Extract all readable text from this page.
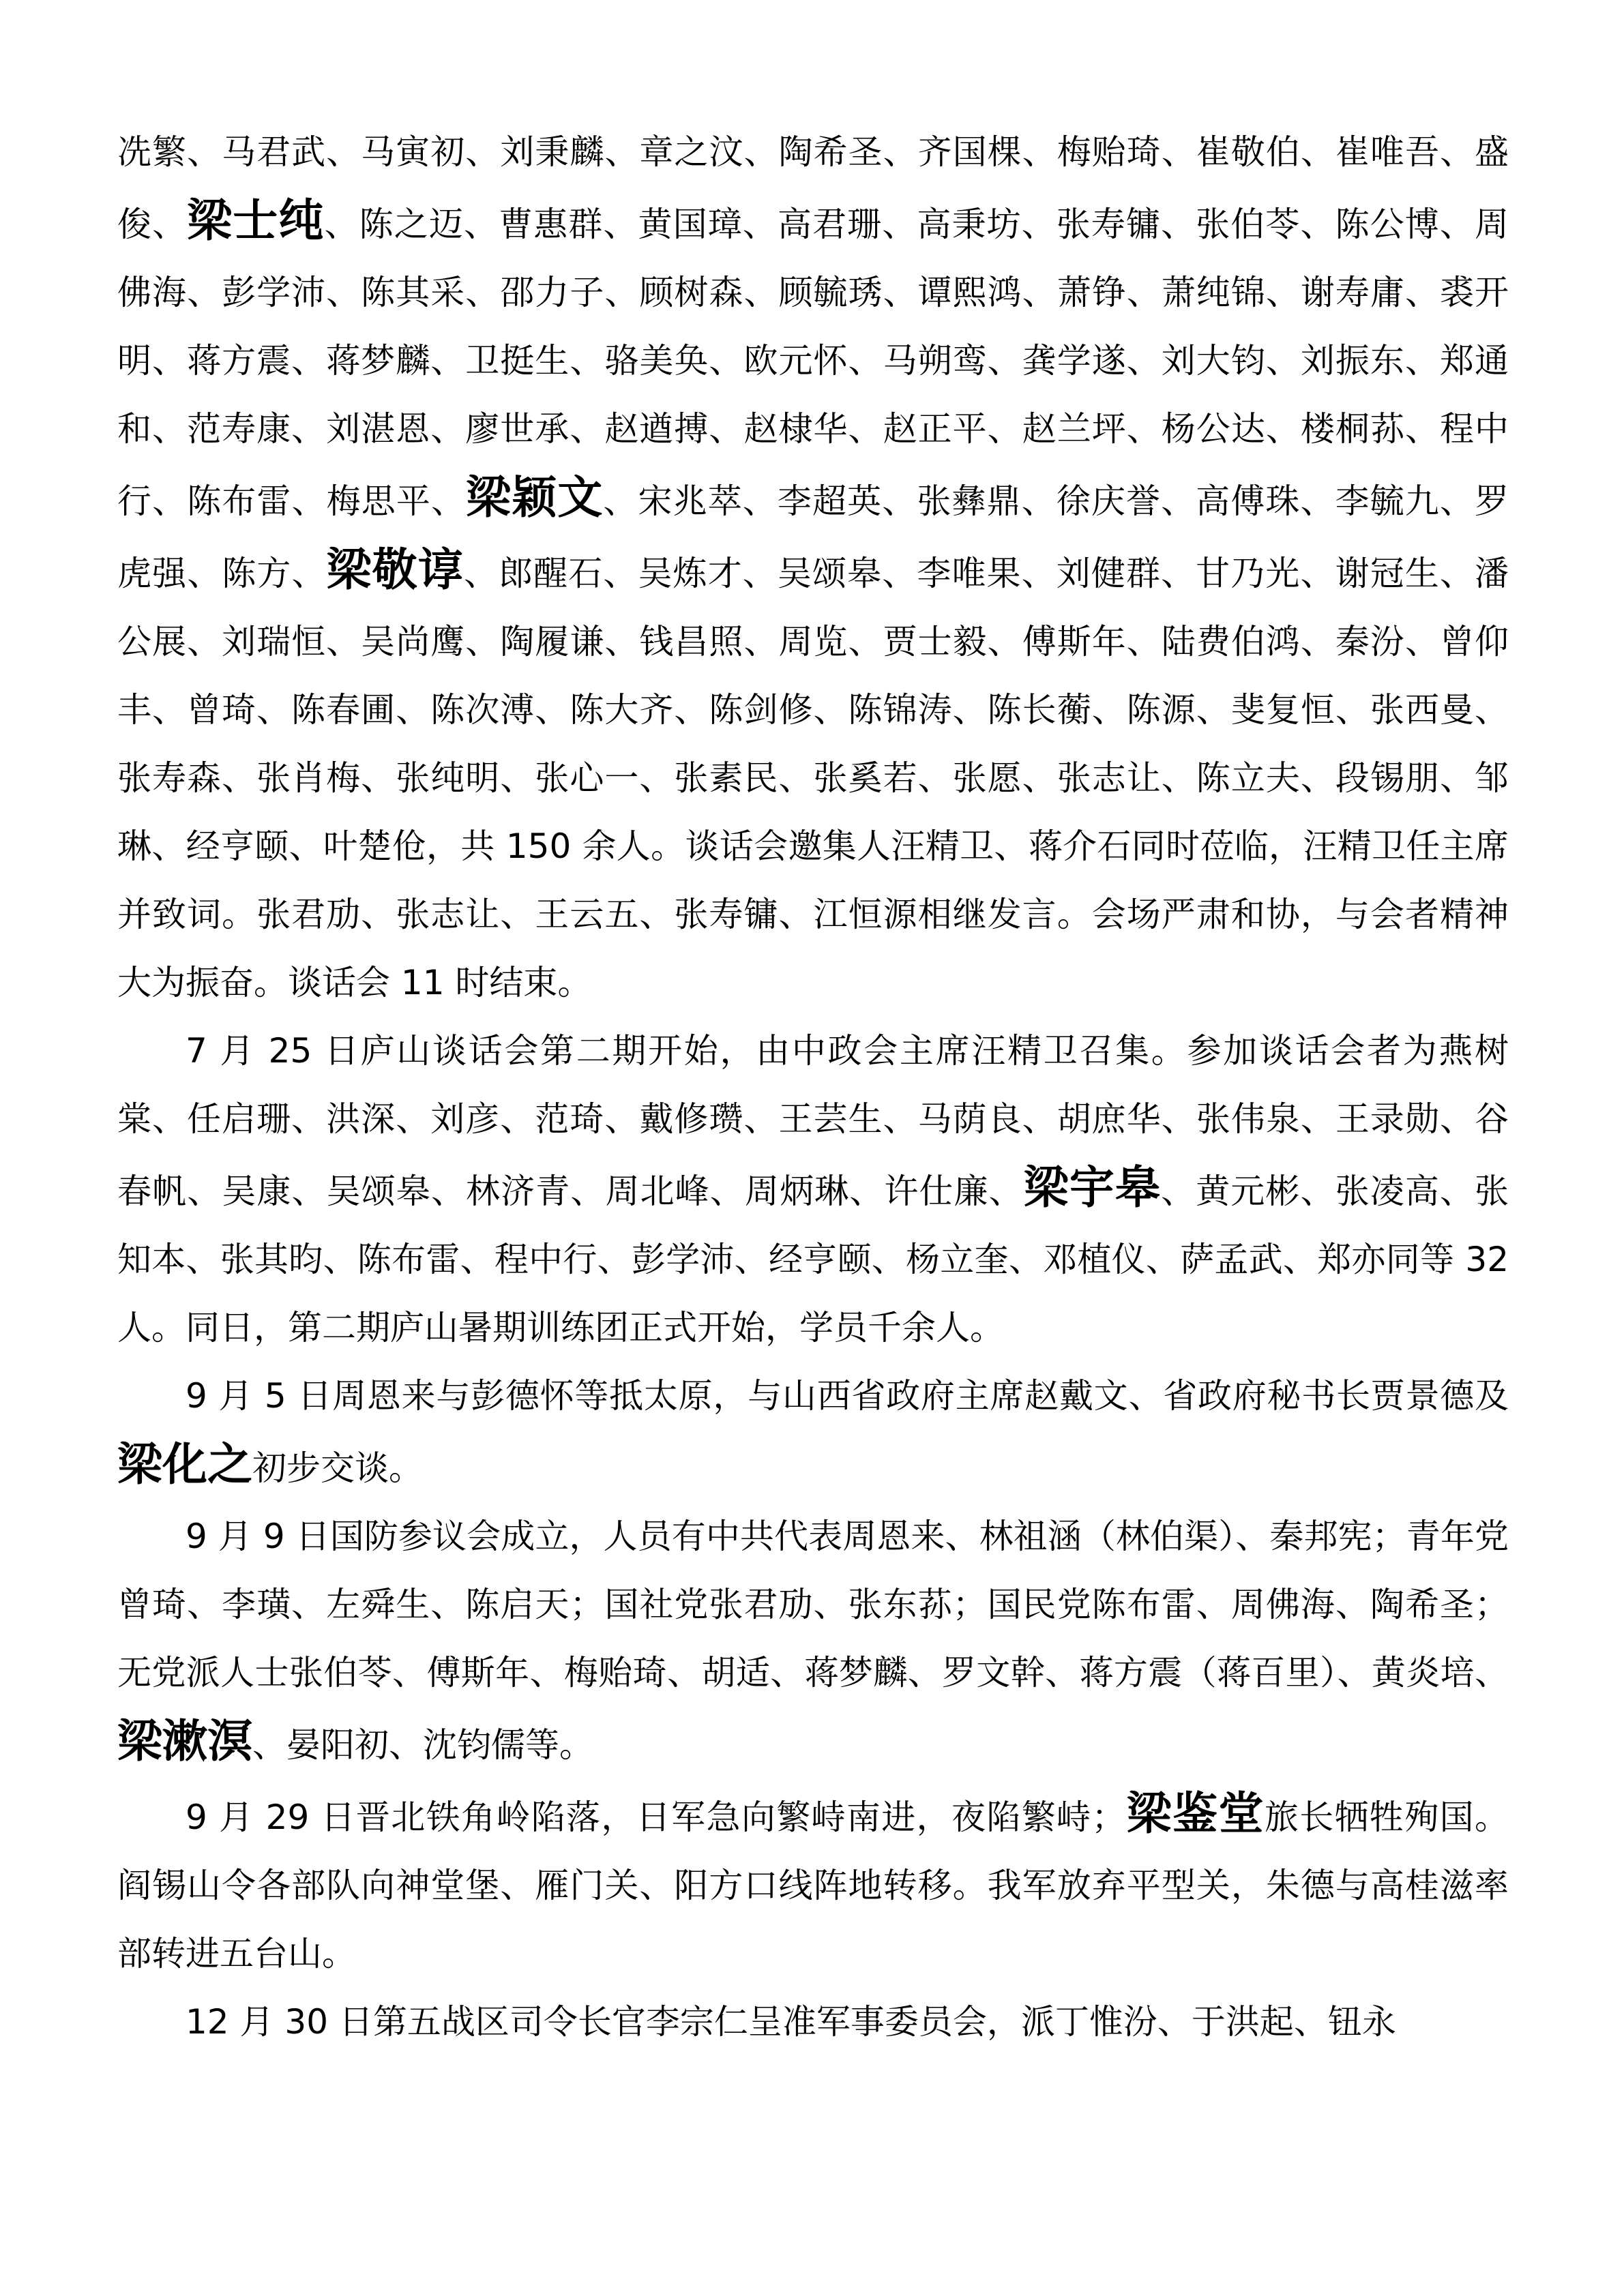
冼繁、马君武、马寅初、刘秉麟、章之汶、陶希圣、齐国棵、梅贻琦、崔敬伯、崔唯吾、盛俊、梁士纯、陈之迈、曹惠群、黄国璋、高君珊、高秉坊、张寿镛、张伯苓、陈公博、周佛海、彭学沛、陈其采、邵力子、顾树森、顾毓琇、谭熙鸿、萧铮、萧纯锦、谢寿庸、裘开明、蒋方震、蒋梦麟、卫挺生、骆美奂、欧元怀、马朔鸾、龚学遂、刘大钧、刘振东、郑通和、范寿康、刘湛恩、廖世承、赵遒搏、赵棣华、赵正平、赵兰坪、杨公达、楼桐荪、程中行、陈布雷、梅思平、梁颖文、宋兆萃、李超英、张彝鼎、徐庆誉、高傅珠、李毓九、罗虎强、陈方、梁敬谆、郎醒石、吴炼才、吴颂皋、李唯果、刘健群、甘乃光、谢冠生、潘公展、刘瑞恒、吴尚鹰、陶履谦、钱昌照、周览、贾士毅、傅斯年、陆费伯鸿、秦汾、曾仰丰、曾琦、陈春圃、陈次溥、陈大齐、陈剑修、陈锦涛、陈长蘅、陈源、斐复恒、张西曼、张寿森、张肖梅、张纯明、张心一、张素民、张奚若、张愿、张志让、陈立夫、段锡朋、邹琳、经亨颐、叶楚伧，共 150 余人。谈话会邀集人汪精卫、蒋介石同时莅临，汪精卫任主席并致词。张君劢、张志让、王云五、张寿镛、江恒源相继发言。会场严肃和协，与会者精神大为振奋。谈话会 11 时结束。

7 月 25 日庐山谈话会第二期开始，由中政会主席汪精卫召集。参加谈话会者为燕树棠、任启珊、洪深、刘彦、范琦、戴修瓒、王芸生、马荫良、胡庶华、张伟泉、王录勋、谷春帆、吴康、吴颂皋、林济青、周北峰、周炳琳、许仕廉、梁宇皋、黄元彬、张凌高、张知本、张其昀、陈布雷、程中行、彭学沛、经亨颐、杨立奎、邓植仪、萨孟武、郑亦同等 32 人。同日，第二期庐山暑期训练团正式开始，学员千余人。

9 月 5 日周恩来与彭德怀等抵太原，与山西省政府主席赵戴文、省政府秘书长贾景德及梁化之初步交谈。

9 月 9 日国防参议会成立，人员有中共代表周恩来、林祖涵（林伯渠）、秦邦宪；青年党曾琦、李璜、左舜生、陈启天；国社党张君劢、张东荪；国民党陈布雷、周佛海、陶希圣；无党派人士张伯苓、傅斯年、梅贻琦、胡适、蒋梦麟、罗文幹、蒋方震（蒋百里）、黄炎培、梁漱溟、晏阳初、沈钧儒等。

9 月 29 日晋北铁角岭陷落，日军急向繁峙南进，夜陷繁峙；梁鉴堂旅长牺牲殉国。阎锡山令各部队向神堂堡、雁门关、阳方口线阵地转移。我军放弃平型关，朱德与高桂滋率部转进五台山。

12 月 30 日第五战区司令长官李宗仁呈准军事委员会，派丁惟汾、于洪起、钮永
